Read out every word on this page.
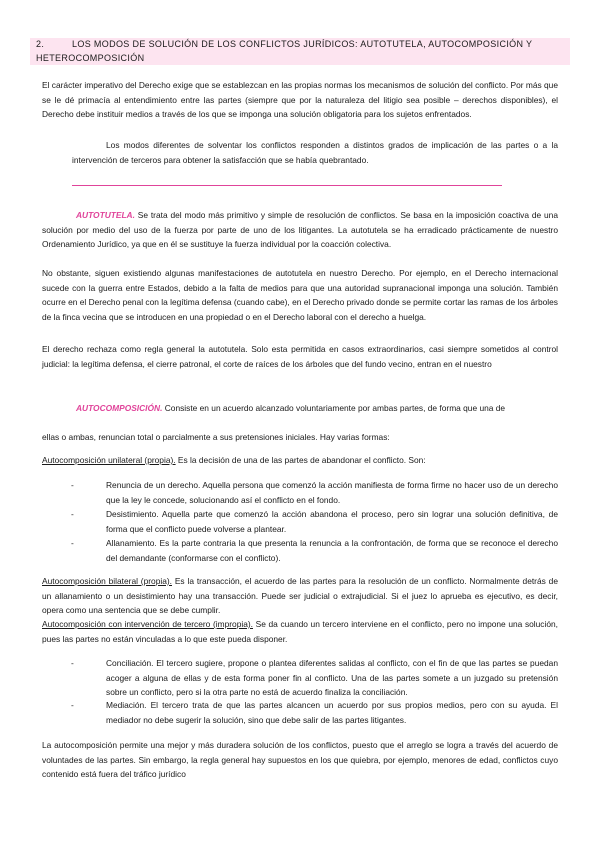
2.	LOS MODOS DE SOLUCIÓN DE LOS CONFLICTOS JURÍDICOS: AUTOTUTELA, AUTOCOMPOSICIÓN Y HETEROCOMPOSICIÓN

El carácter imperativo del Derecho exige que se establezcan en las propias normas los mecanismos de solución del conflicto. Por más que se le dé primacía al entendimiento entre las partes (siempre que por la naturaleza del litigio sea posible – derechos disponibles), el Derecho debe instituir medios a través de los que se imponga una solución obligatoria para los sujetos enfrentados.

Los modos diferentes de solventar los conflictos responden a distintos grados de implicación de las partes o a la intervención de terceros para obtener la satisfacción que se había quebrantado.

AUTOTUTELA. Se trata del modo más primitivo y simple de resolución de conflictos. Se basa en la imposición coactiva de una solución por medio del uso de la fuerza por parte de uno de los litigantes. La autotutela se ha erradicado prácticamente de nuestro Ordenamiento Jurídico, ya que en él se sustituye la fuerza individual por la coacción colectiva.

No obstante, siguen existiendo algunas manifestaciones de autotutela en nuestro Derecho. Por ejemplo, en el Derecho internacional sucede con la guerra entre Estados, debido a la falta de medios para que una autoridad supranacional imponga una solución. También ocurre en el Derecho penal con la legítima defensa (cuando cabe), en el Derecho privado donde se permite cortar las ramas de los árboles de la finca vecina que se introducen en una propiedad o en el Derecho laboral con el derecho a huelga.

El derecho rechaza como regla general la autotutela. Solo esta permitida en casos extraordinarios, casi siempre sometidos al control judicial: la legítima defensa, el cierre patronal, el corte de raíces de los árboles que del fundo vecino, entran en el nuestro

AUTOCOMPOSICIÓN. Consiste en un acuerdo alcanzado voluntariamente por ambas partes, de forma que una de

ellas o ambas, renuncian total o parcialmente a sus pretensiones iniciales. Hay varias formas:

Autocomposición unilateral (propia). Es la decisión de una de las partes de abandonar el conflicto. Son:

-	Renuncia de un derecho. Aquella persona que comenzó la acción manifiesta de forma firme no hacer uso de un derecho que la ley le concede, solucionando así el conflicto en el fondo.
-	Desistimiento. Aquella parte que comenzó la acción abandona el proceso, pero sin lograr una solución definitiva, de forma que el conflicto puede volverse a plantear.
-	Allanamiento. Es la parte contraria la que presenta la renuncia a la confrontación, de forma que se reconoce el derecho del demandante (conformarse con el conflicto).

Autocomposición bilateral (propia). Es la transacción, el acuerdo de las partes para la resolución de un conflicto. Normalmente detrás de un allanamiento o un desistimiento hay una transacción. Puede ser judicial o extrajudicial. Si el juez lo aprueba es ejecutivo, es decir, opera como una sentencia que se debe cumplir.

Autocomposición con intervención de tercero (impropia). Se da cuando un tercero interviene en el conflicto, pero no impone una solución, pues las partes no están vinculadas a lo que este pueda disponer.

-	Conciliación. El tercero sugiere, propone o plantea diferentes salidas al conflicto, con el fin de que las partes se puedan acoger a alguna de ellas y de esta forma poner fin al conflicto. Una de las partes somete a un juzgado su pretensión sobre un conflicto, pero si la otra parte no está de acuerdo finaliza la conciliación.
-	Mediación. El tercero trata de que las partes alcancen un acuerdo por sus propios medios, pero con su ayuda. El mediador no debe sugerir la solución, sino que debe salir de las partes litigantes.

La autocomposición permite una mejor y más duradera solución de los conflictos, puesto que el arreglo se logra a través del acuerdo de voluntades de las partes. Sin embargo, la regla general hay supuestos en los que quiebra, por ejemplo, menores de edad, conflictos cuyo contenido está fuera del tráfico jurídico
